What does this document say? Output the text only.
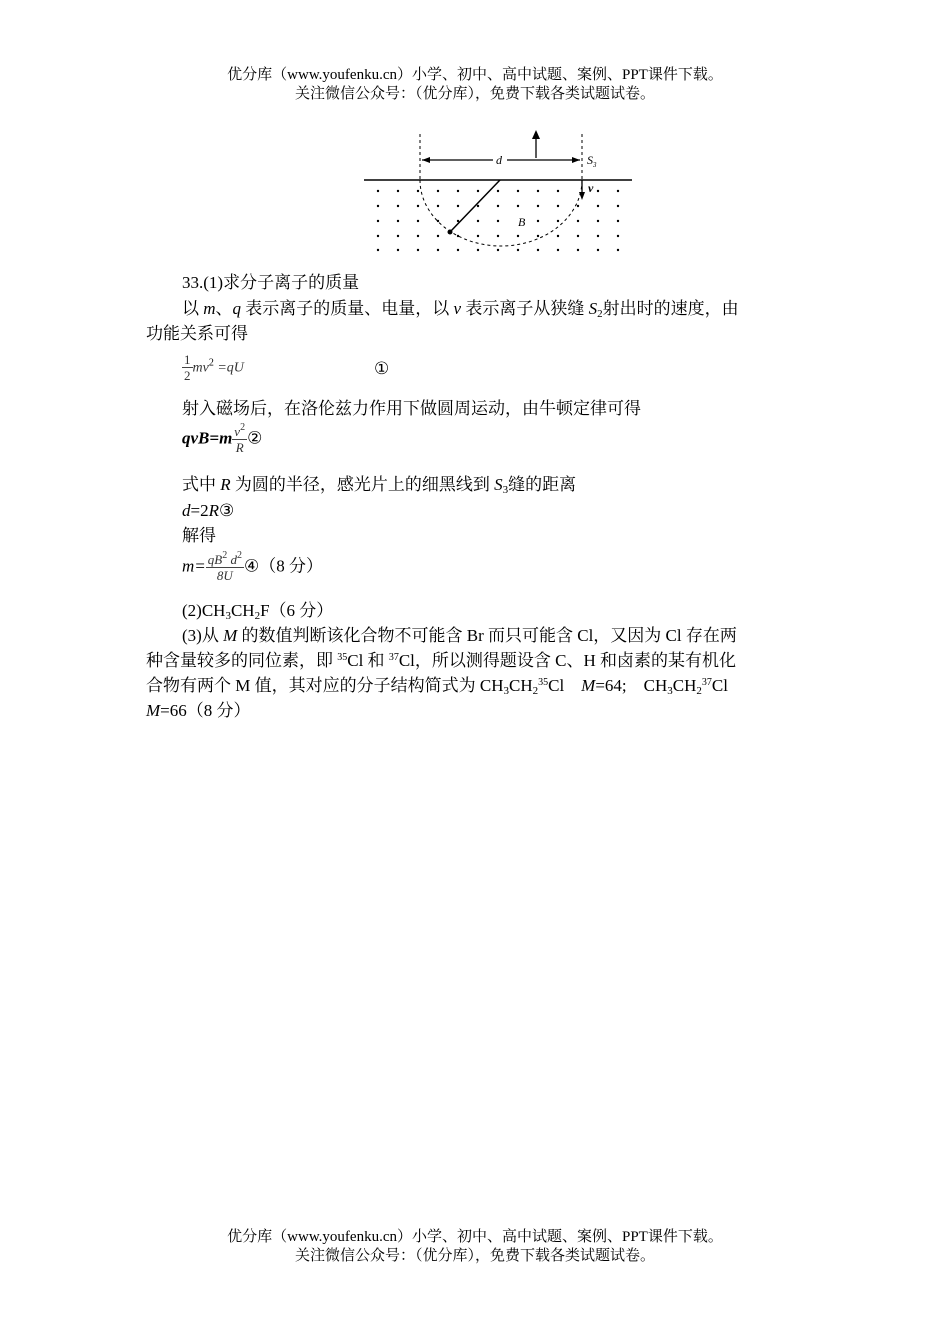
优分库（www.youfenku.cn）小学、初中、高中试题、案例、PPT课件下载。
关注微信公众号：（优分库），免费下载各类试题试卷。
d	$S_3$
v
B
33.(1)求分子离子的质量
以 m、q 表示离子的质量、电量，以 v 表示离子从狭缝 $S_2$射出时的速度，由
功能关系可得
$\frac{1}{2} mv^2 =qU$	①
射入磁场后，在洛伦兹力作用下做圆周运动，由牛顿定律可得
$qvB=m \frac{v^2}{R}$ ②
式中 R 为圆的半径，感光片上的细黑线到 $S_3$缝的距离
d=2R③
解得
$m= \frac{qB^2 d^2}{8U}$ ④（8 分）
$(2)CH_3CH_2F(6$ 分）
(3)从 M 的数值判断该化合物不可能含 Br 而只可能含 Cl，又因为 Cl 存在两
种含量较多的同位素，即 $^{35}$Cl 和 $^{37}$Cl，所以测得题设含 C、H 和卤素的某有机化
合物有两个 M 值，其对应的分子结构简式为 $CH_3CH_2^{35}Cl$　M=64;　$CH_3CH_2^{37}Cl$
M=66（8 分）
优分库（www.youfenku.cn）小学、初中、高中试题、案例、PPT课件下载。
关注微信公众号：（优分库），免费下载各类试题试卷。
